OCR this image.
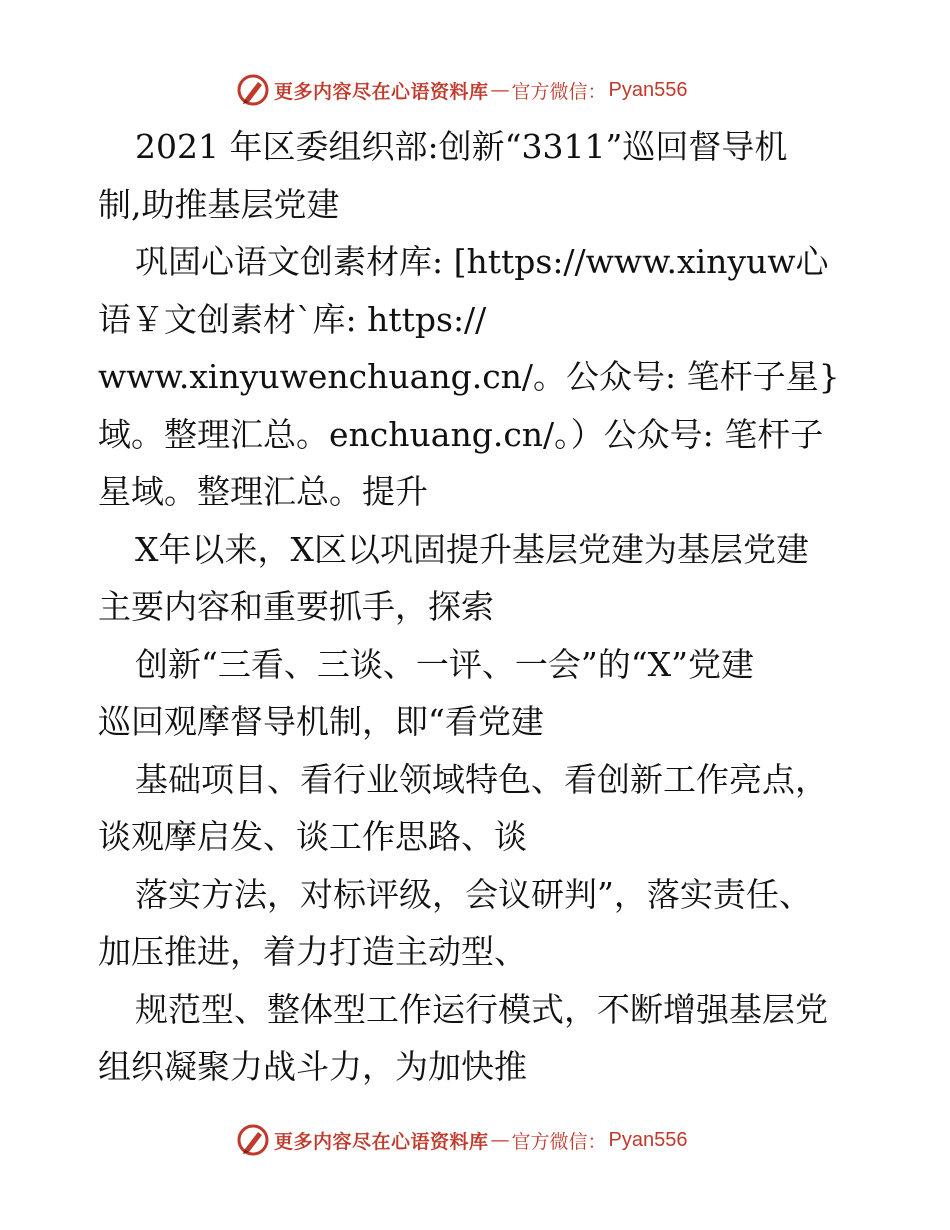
更多内容尽在心语资料库 — 官方微信： Pyan556
2021 年区委组织部:创新“3311”巡回督导机
制,助推基层党建
巩固心语文创素材库: [https://www.xinyuw心
语￥文创素材`库: https://
www.xinyuwenchuang.cn/。公众号: 笔杆子星}
域。整理汇总。enchuang.cn/。）公众号: 笔杆子
星域。整理汇总。提升
X年以来，X区以巩固提升基层党建为基层党建
主要内容和重要抓手，探索
创新“三看、三谈、一评、一会”的“X”党建
巡回观摩督导机制，即“看党建
基础项目、看行业领域特色、看创新工作亮点，
谈观摩启发、谈工作思路、谈
落实方法，对标评级，会议研判”，落实责任、
加压推进，着力打造主动型、
规范型、整体型工作运行模式，不断增强基层党
组织凝聚力战斗力，为加快推
更多内容尽在心语资料库 — 官方微信： Pyan556
